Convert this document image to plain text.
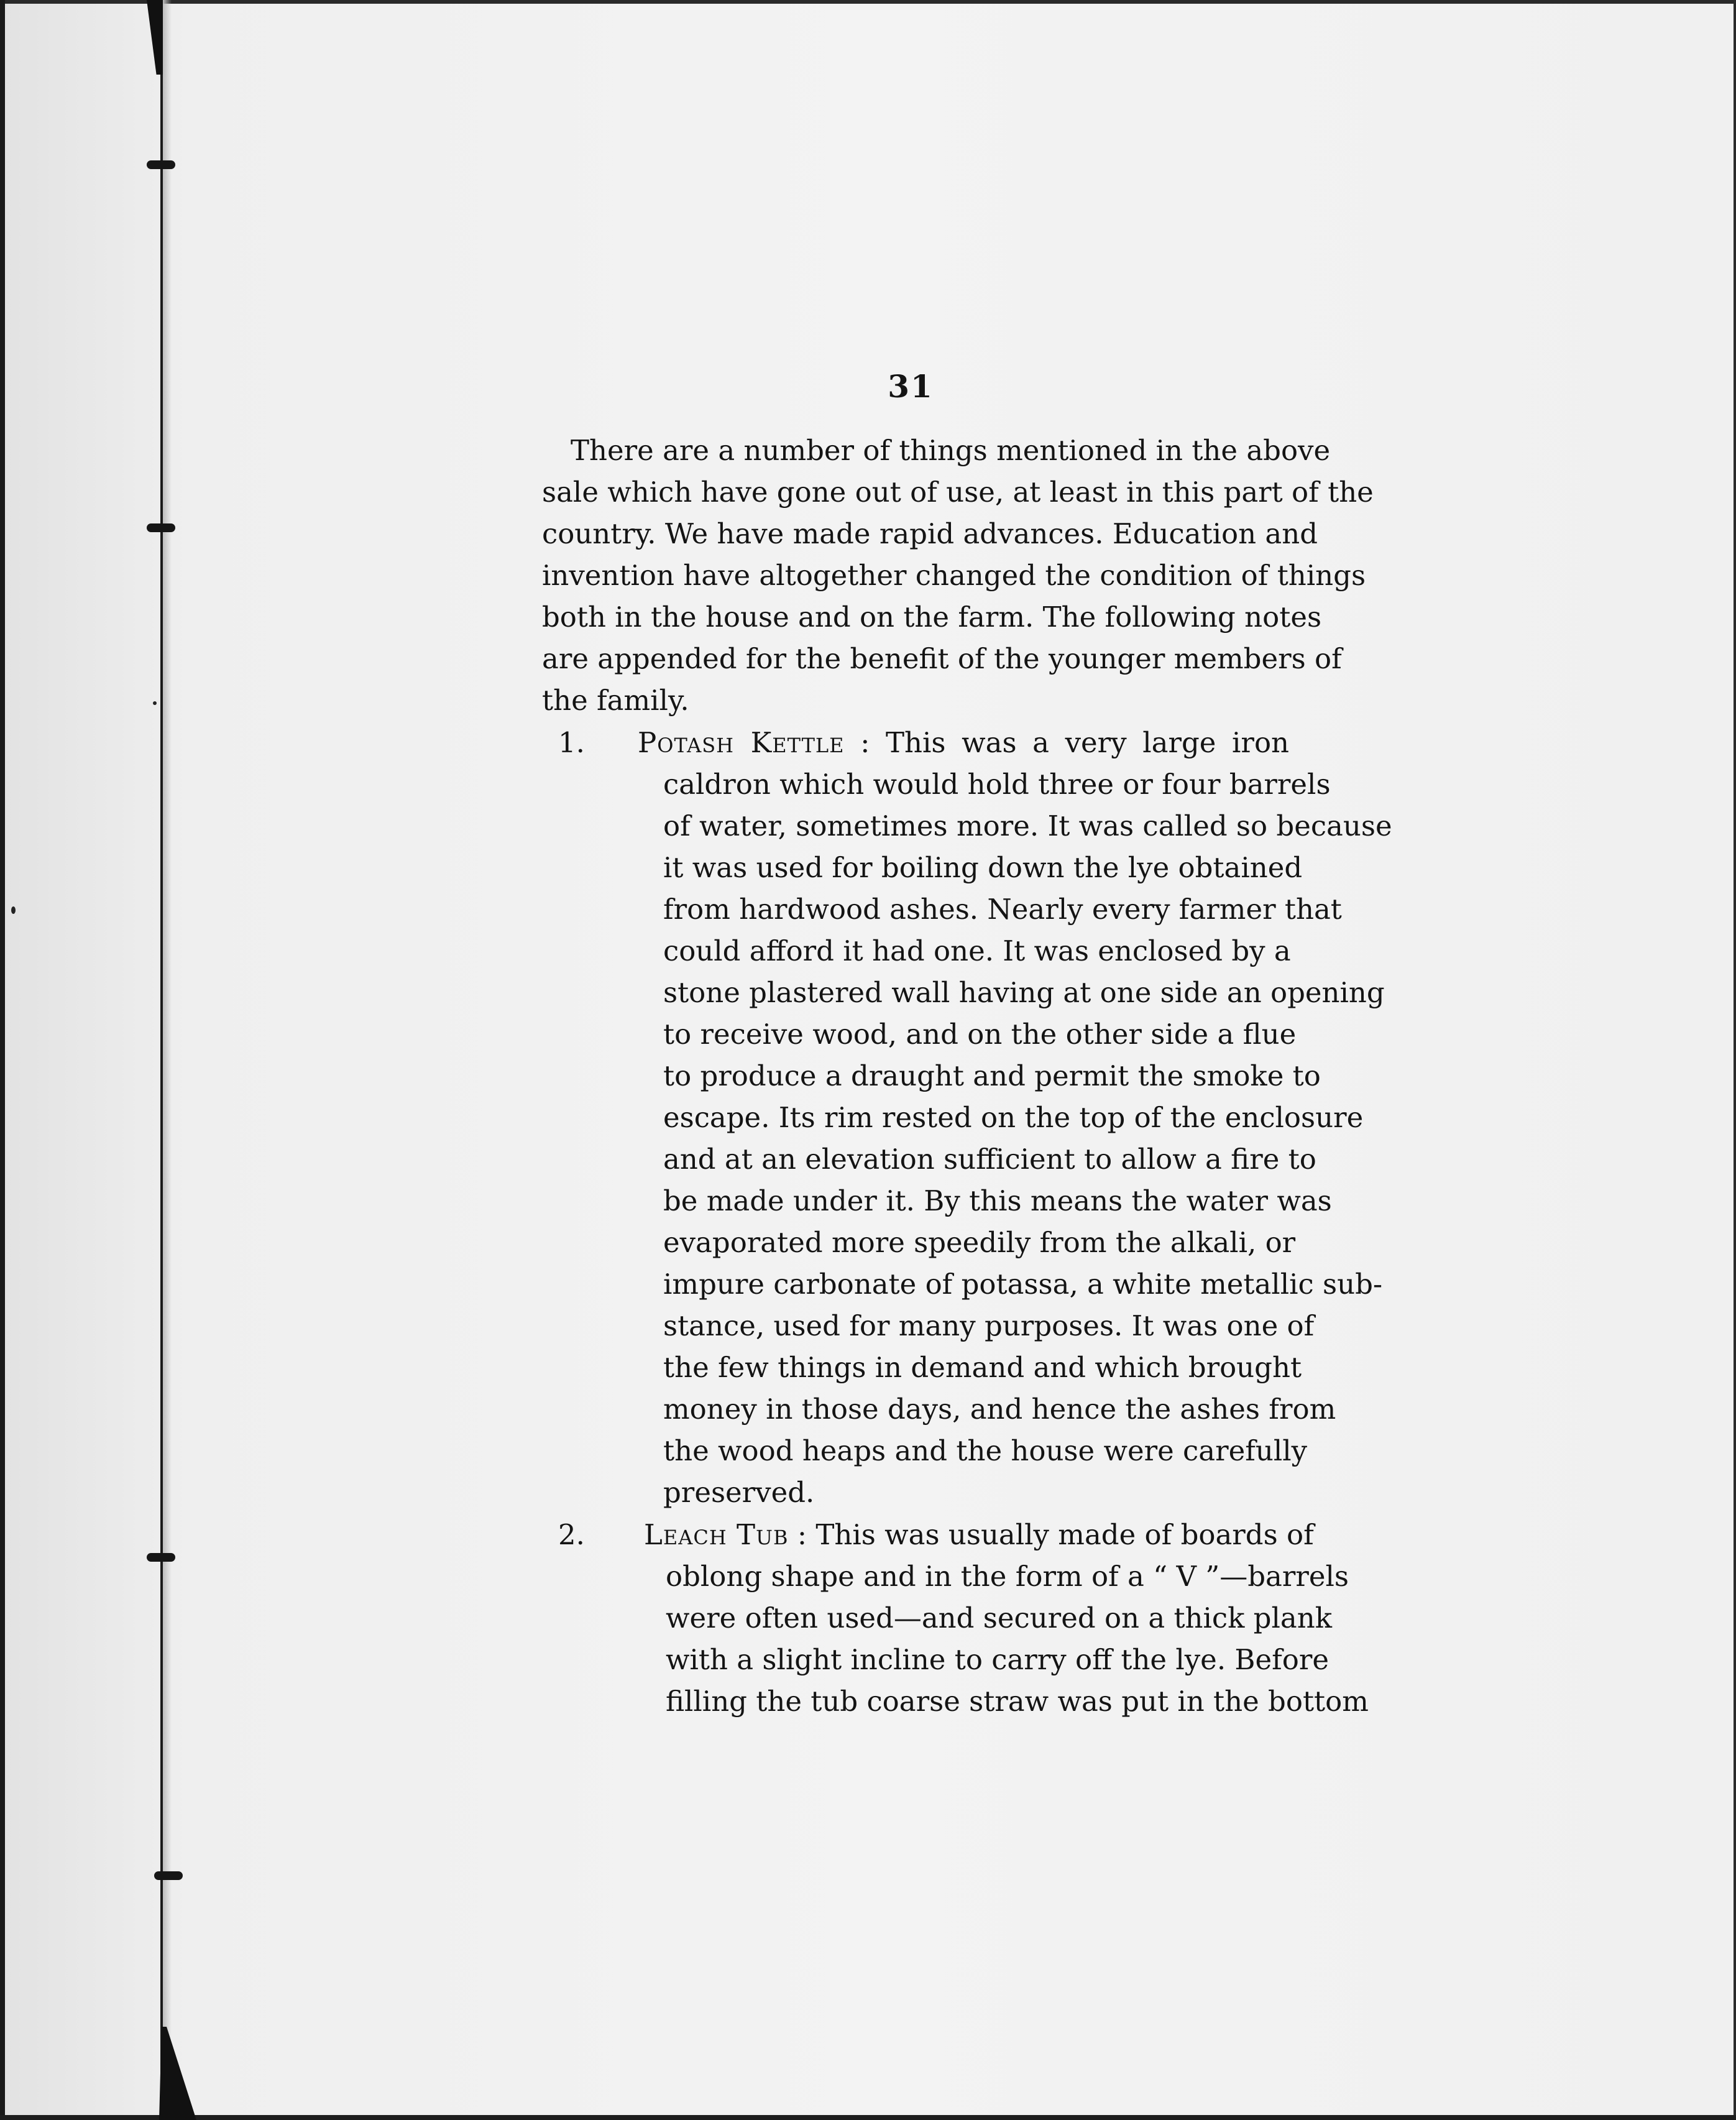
31
There are a number of things mentioned in the above
sale which have gone out of use, at least in this part of the
country. We have made rapid advances. Education and
invention have altogether changed the condition of things
both in the house and on the farm. The following notes
are appended for the benefit of the younger members of
the family.
1. Potash Kettle : This was a very large iron
caldron which would hold three or four barrels
of water, sometimes more. It was called so because
it was used for boiling down the lye obtained
from hardwood ashes. Nearly every farmer that
could afford it had one. It was enclosed by a
stone plastered wall having at one side an opening
to receive wood, and on the other side a flue
to produce a draught and permit the smoke to
escape. Its rim rested on the top of the enclosure
and at an elevation sufficient to allow a fire to
be made under it. By this means the water was
evaporated more speedily from the alkali, or
impure carbonate of potassa, a white metallic sub-
stance, used for many purposes. It was one of
the few things in demand and which brought
money in those days, and hence the ashes from
the wood heaps and the house were carefully
preserved.
2. Leach Tub : This was usually made of boards of
oblong shape and in the form of a “ V ”—barrels
were often used—and secured on a thick plank
with a slight incline to carry off the lye. Before
filling the tub coarse straw was put in the bottom
